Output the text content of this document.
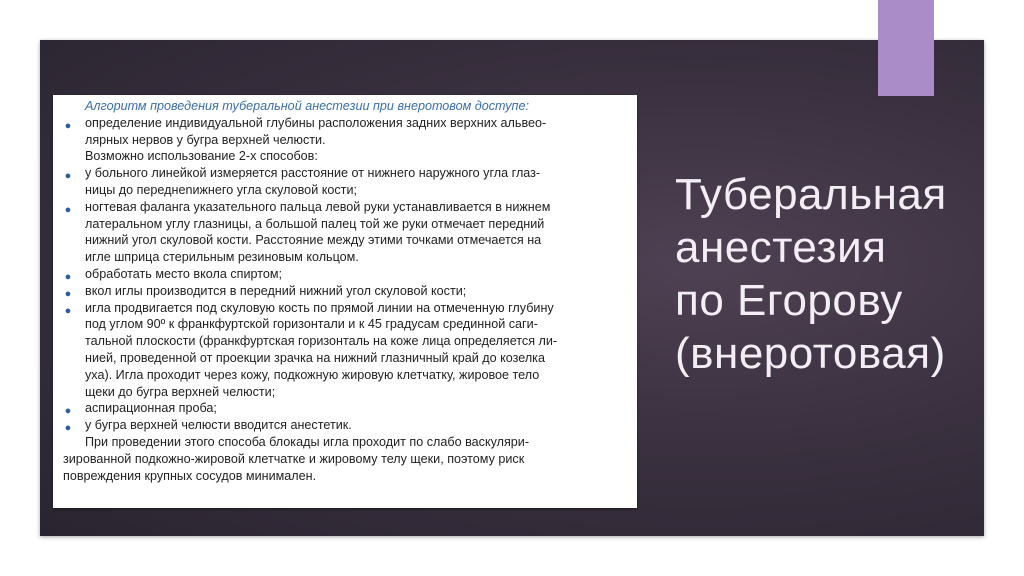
Алгоритм проведения туберальной анестезии при внеротовом доступе:
● определение индивидуальной глубины расположения задних верхних альвео-
лярных нервов у бугра верхней челюсти.
Возможно использование 2-х способов:
● у больного линейкой измеряется расстояние от нижнего наружного угла глаз-
ницы до переднenижнего угла скуловой кости;
● ногтевая фаланга указательного пальца левой руки устанавливается в нижнем
латеральном углу глазницы, а большой палец той же руки отмечает передний
нижний угол скуловой кости. Расстояние между этими точками отмечается на
игле шприца стерильным резиновым кольцом.
● обработать место вкола спиртом;
● вкол иглы производится в передний нижний угол скуловой кости;
● игла продвигается под скуловую кость по прямой линии на отмеченную глубину
под углом 90º к франкфуртской горизонтали и к 45 градусам срединной саги-
тальной плоскости (франкфуртская горизонталь на коже лица определяется ли-
нией, проведенной от проекции зрачка на нижний глазничный край до козелка
уха). Игла проходит через кожу, подкожную жировую клетчатку, жировое тело
щеки до бугра верхней челюсти;
● аспирационная проба;
● у бугра верхней челюсти вводится анестетик.
При проведении этого способа блокады игла проходит по слабо васкуляри-
зированной подкожно-жировой клетчатке и жировому телу щеки, поэтому риск
повреждения крупных сосудов минимален.
Туберальная
анестезия
по Егорову
(внеротовая)
